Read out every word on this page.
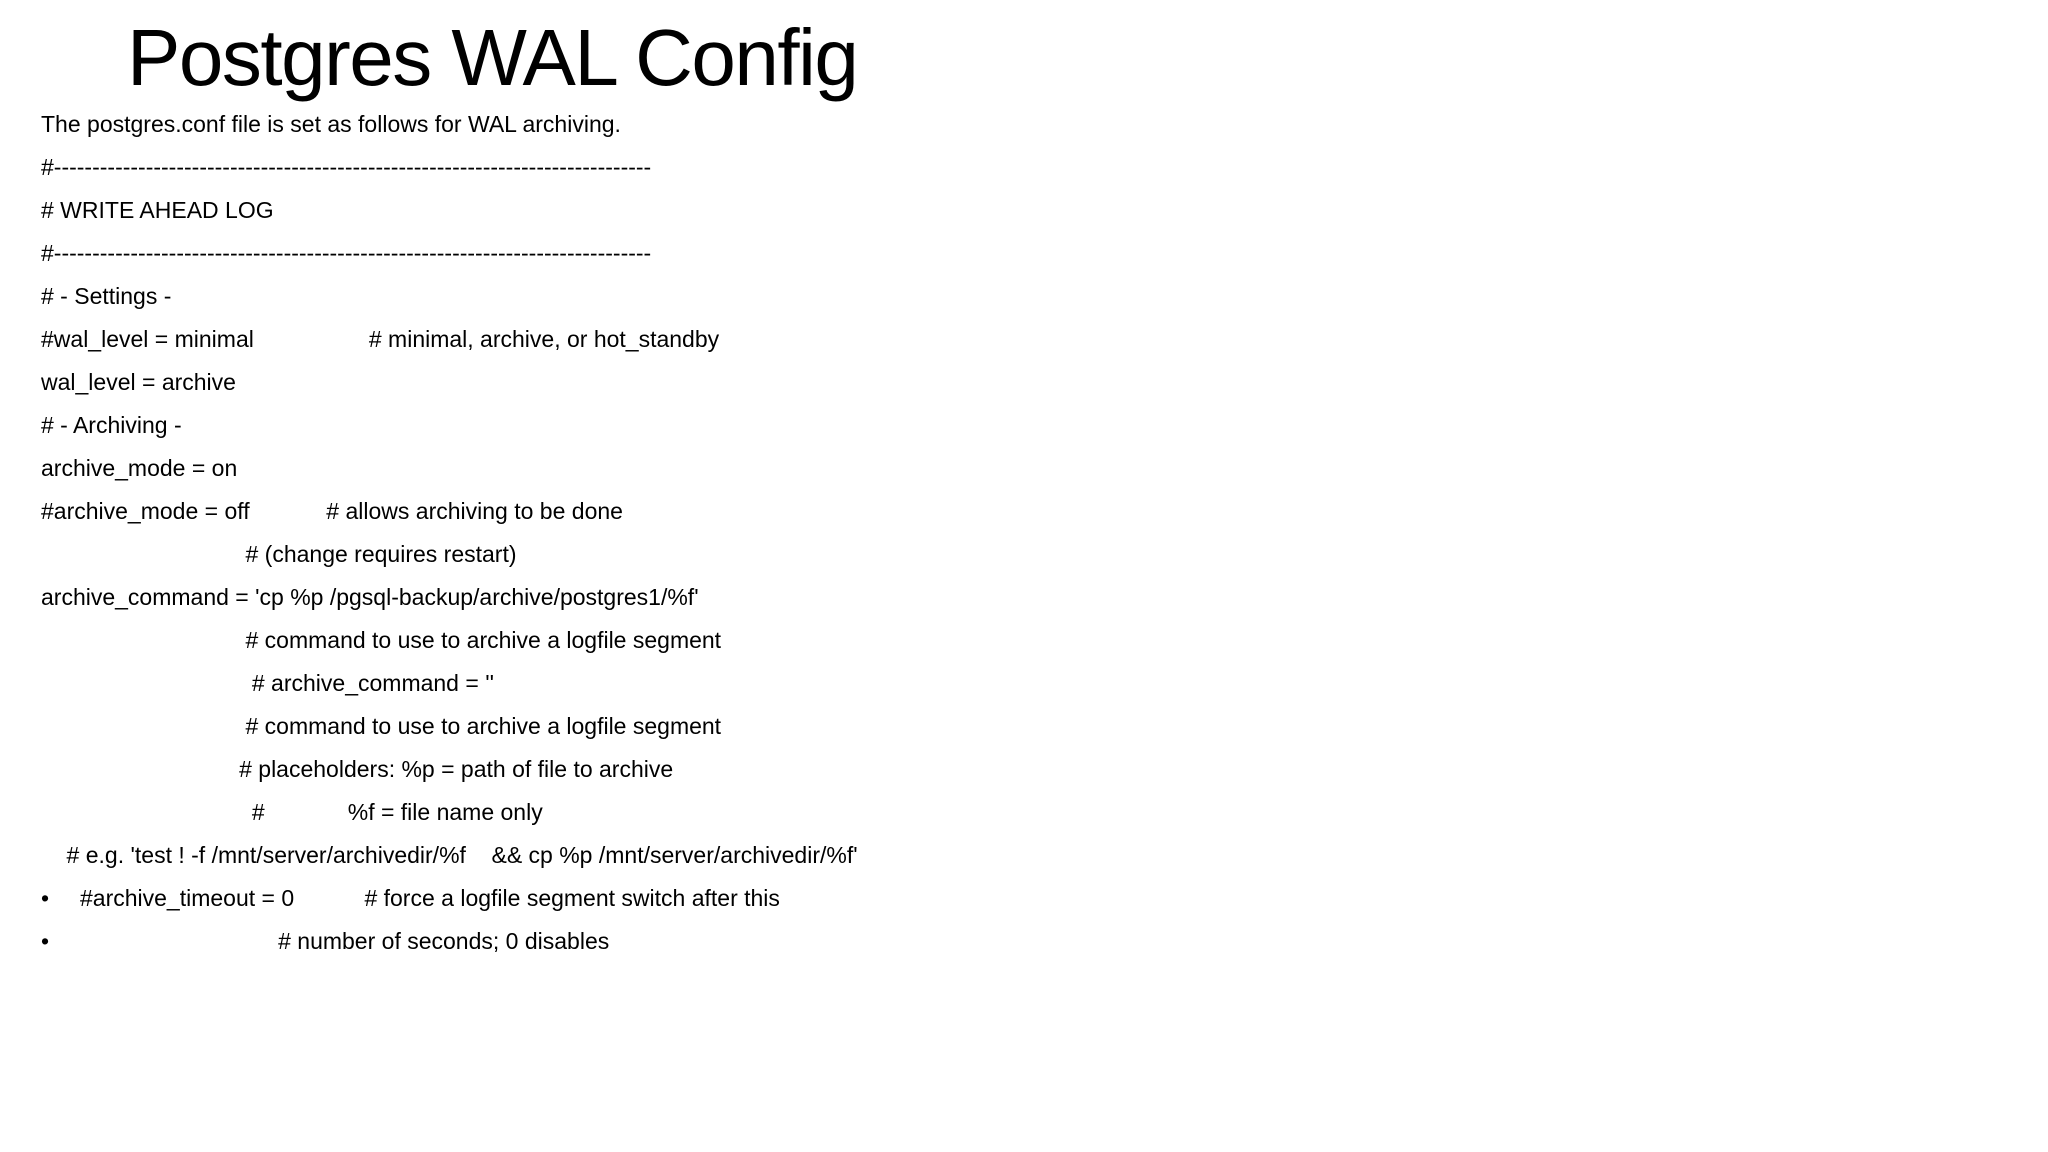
Postgres WAL Config
The postgres.conf file is set as follows for WAL archiving.
#------------------------------------------------------------------------------
# WRITE AHEAD LOG
#------------------------------------------------------------------------------
# - Settings -
#wal_level = minimal                  # minimal, archive, or hot_standby
wal_level = archive
# - Archiving -
archive_mode = on
#archive_mode = off            # allows archiving to be done
# (change requires restart)
archive_command = 'cp %p /pgsql-backup/archive/postgres1/%f'
# command to use to archive a logfile segment
# archive_command = ''
# command to use to archive a logfile segment
# placeholders: %p = path of file to archive
#             %f = file name only
# e.g. 'test ! -f /mnt/server/archivedir/%f    && cp %p /mnt/server/archivedir/%f'
• #archive_timeout = 0           # force a logfile segment switch after this
• # number of seconds; 0 disables
